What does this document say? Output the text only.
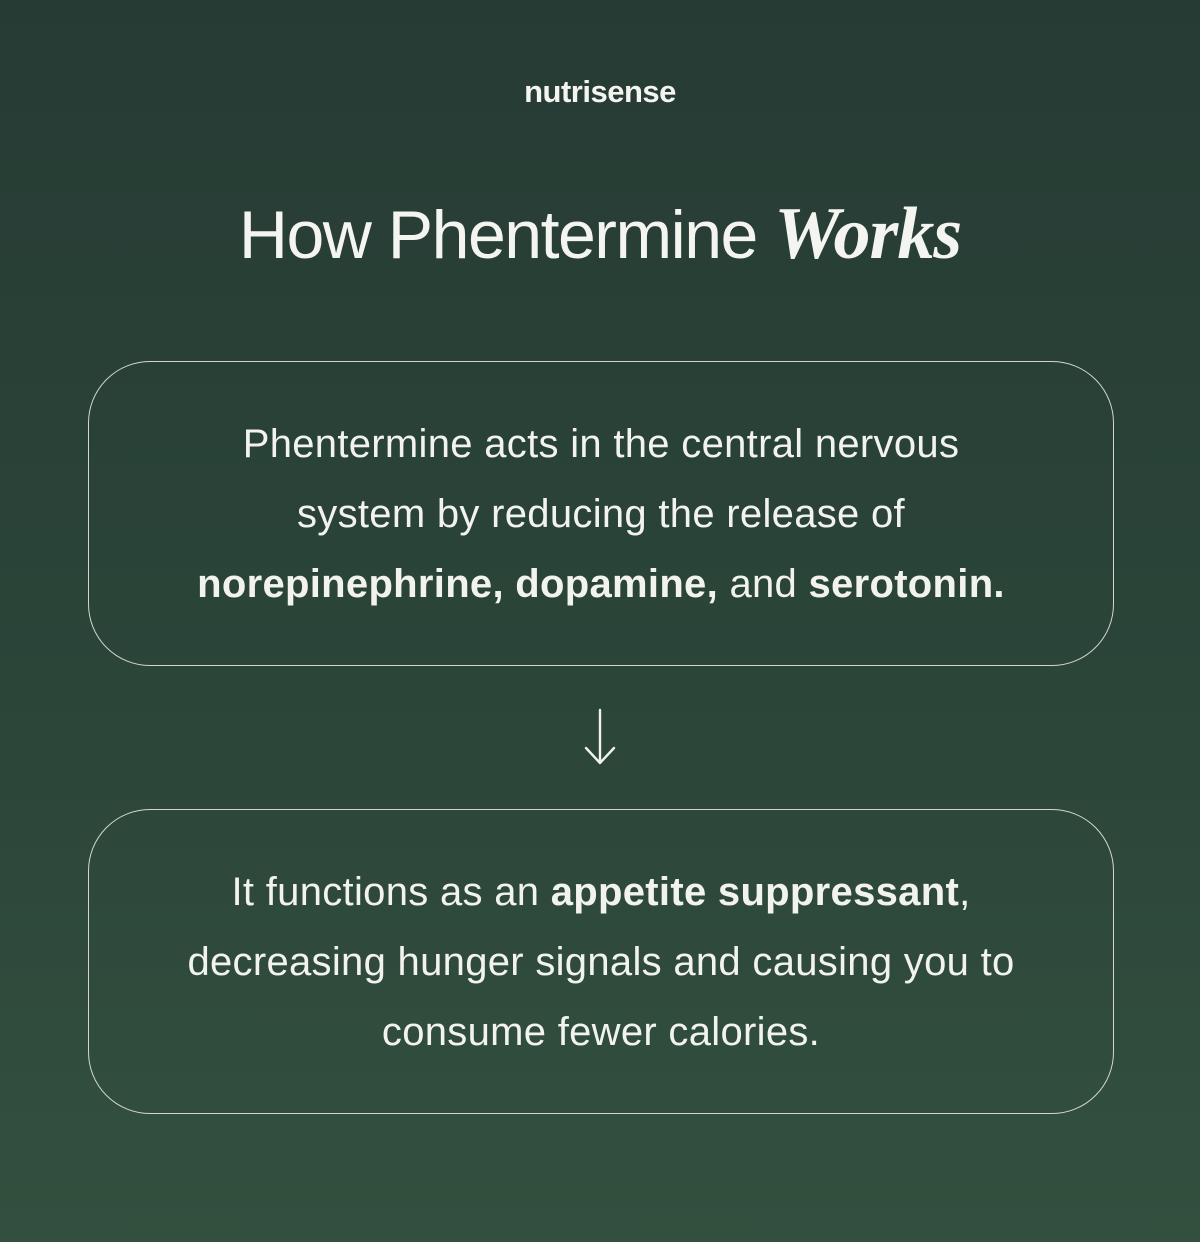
nutrisense
How Phentermine Works
Phentermine acts in the central nervous
system by reducing the release of
norepinephrine, dopamine, and serotonin.
It functions as an appetite suppressant,
decreasing hunger signals and causing you to
consume fewer calories.
